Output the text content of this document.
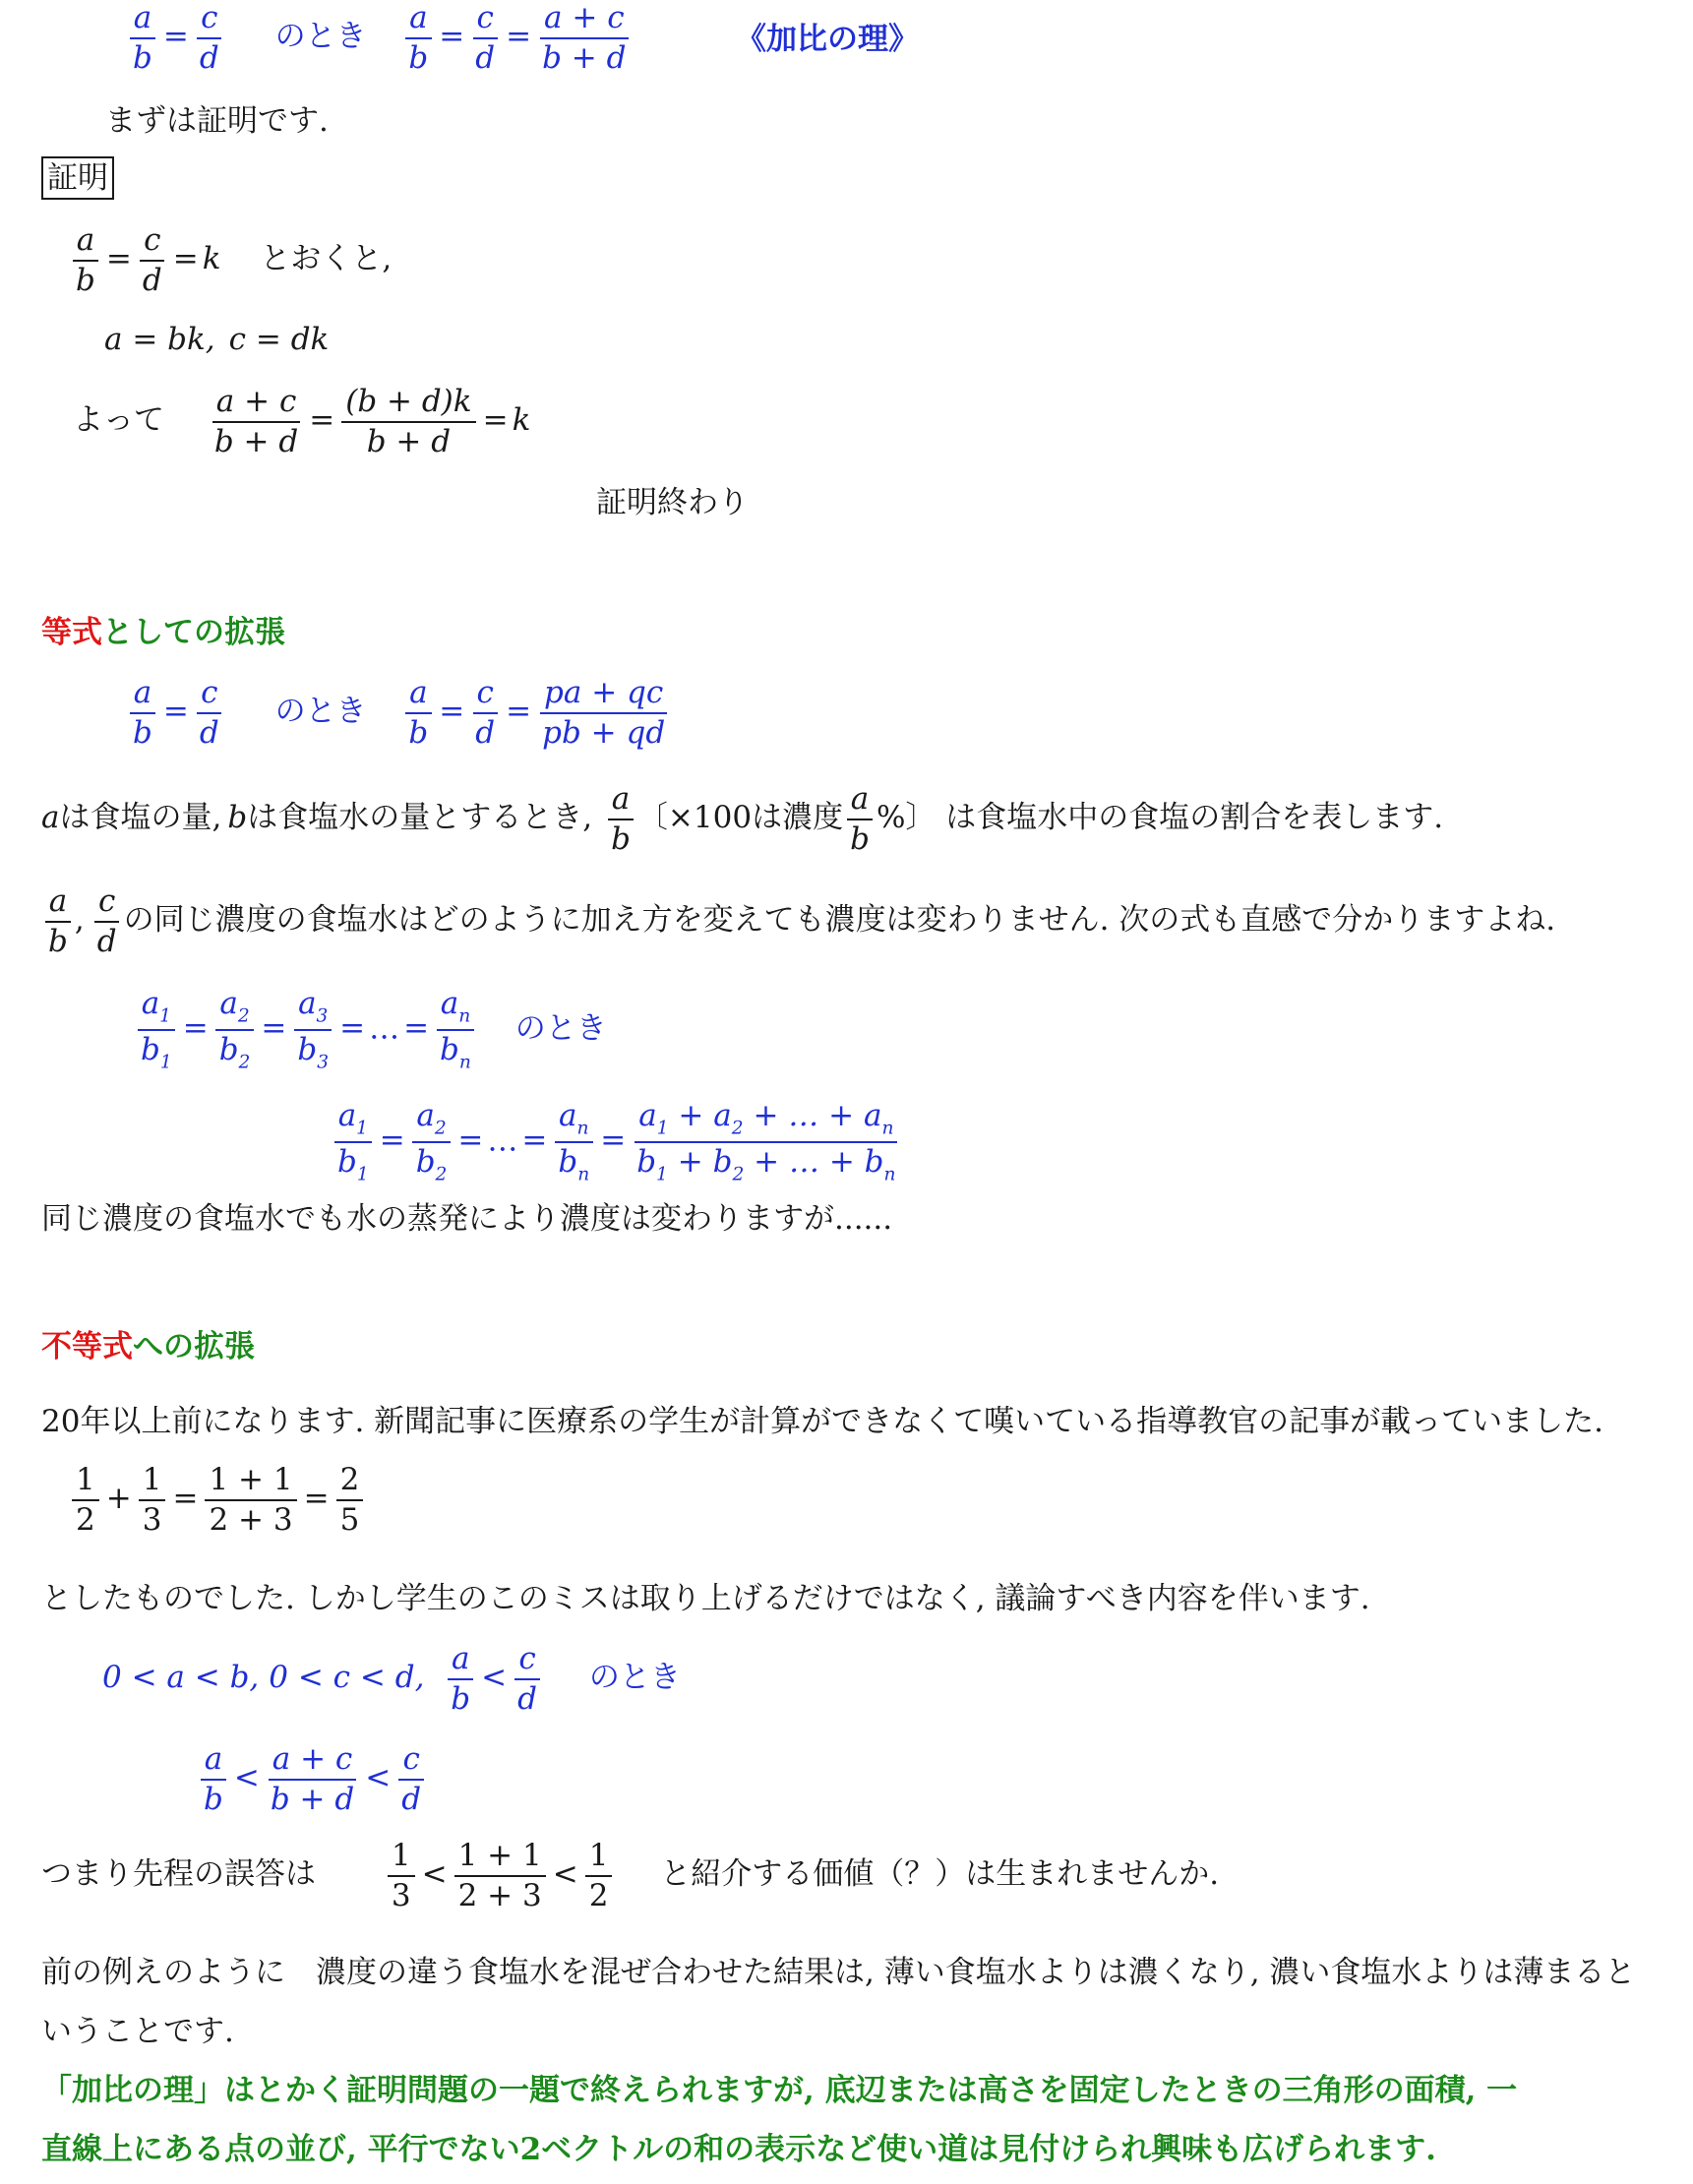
$\frac{a}{b} = \frac{c}{d}$ のとき $\frac{a}{b} = \frac{c}{d} = \frac{a + c}{b + d}$	《加比の理》
まずは証明です.
証明
$\frac{a}{b} = \frac{c}{d} = k$ とおくと,
a = bk, c = dk
よって $\frac{a + c}{b + d} = \frac{(b + d)k}{b + d} = k$
証明終わり
等式としての拡張
$\frac{a}{b} = \frac{c}{d}$ のとき $\frac{a}{b} = \frac{c}{d} = \frac{pa + qc}{pb + qd}$
aは食塩の量, bは食塩水の量とするとき, $\frac{a}{b}$ 〔×100は濃度 $\frac{a}{b}$ %〕 は食塩水中の食塩の割合を表します.
$\frac{a}{b}$ , $\frac{c}{d}$ の同じ濃度の食塩水はどのように加え方を変えても濃度は変わりません. 次の式も直感で分かりますよね.
$\frac{a_1}{b_1} = \frac{a_2}{b_2} = \frac{a_3}{b_3}$ = … = $\frac{a_n}{b_n}$ のとき
$\frac{a_1}{b_1} = \frac{a_2}{b_2}$ = … = $\frac{a_n}{b_n} = \frac{a_1 + a_2 + \dots + a_n}{b_1 + b_2 + \dots + b_n}$
同じ濃度の食塩水でも水の蒸発により濃度は変わりますが......
不等式への拡張
20年以上前になります. 新聞記事に医療系の学生が計算ができなくて嘆いている指導教官の記事が載っていました.
$\frac{1}{2} + \frac{1}{3} = \frac{1 + 1}{2 + 3} = \frac{2}{5}$
としたものでした. しかし学生のこのミスは取り上げるだけではなく, 議論すべき内容を伴います.
0 < a < b, 0 < c < d, $\frac{a}{b} < \frac{c}{d}$ のとき
$\frac{a}{b} < \frac{a + c}{b + d} < \frac{c}{d}$
つまり先程の誤答は $\frac{1}{3} < \frac{1 + 1}{2 + 3} < \frac{1}{2}$ と紹介する価値（？）は生まれませんか.
前の例えのように　濃度の違う食塩水を混ぜ合わせた結果は, 薄い食塩水よりは濃くなり, 濃い食塩水よりは薄まると
いうことです.
「加比の理」はとかく証明問題の一題で終えられますが, 底辺または高さを固定したときの三角形の面積, 一
直線上にある点の並び, 平行でない2ベクトルの和の表示など使い道は見付けられ興味も広げられます.
